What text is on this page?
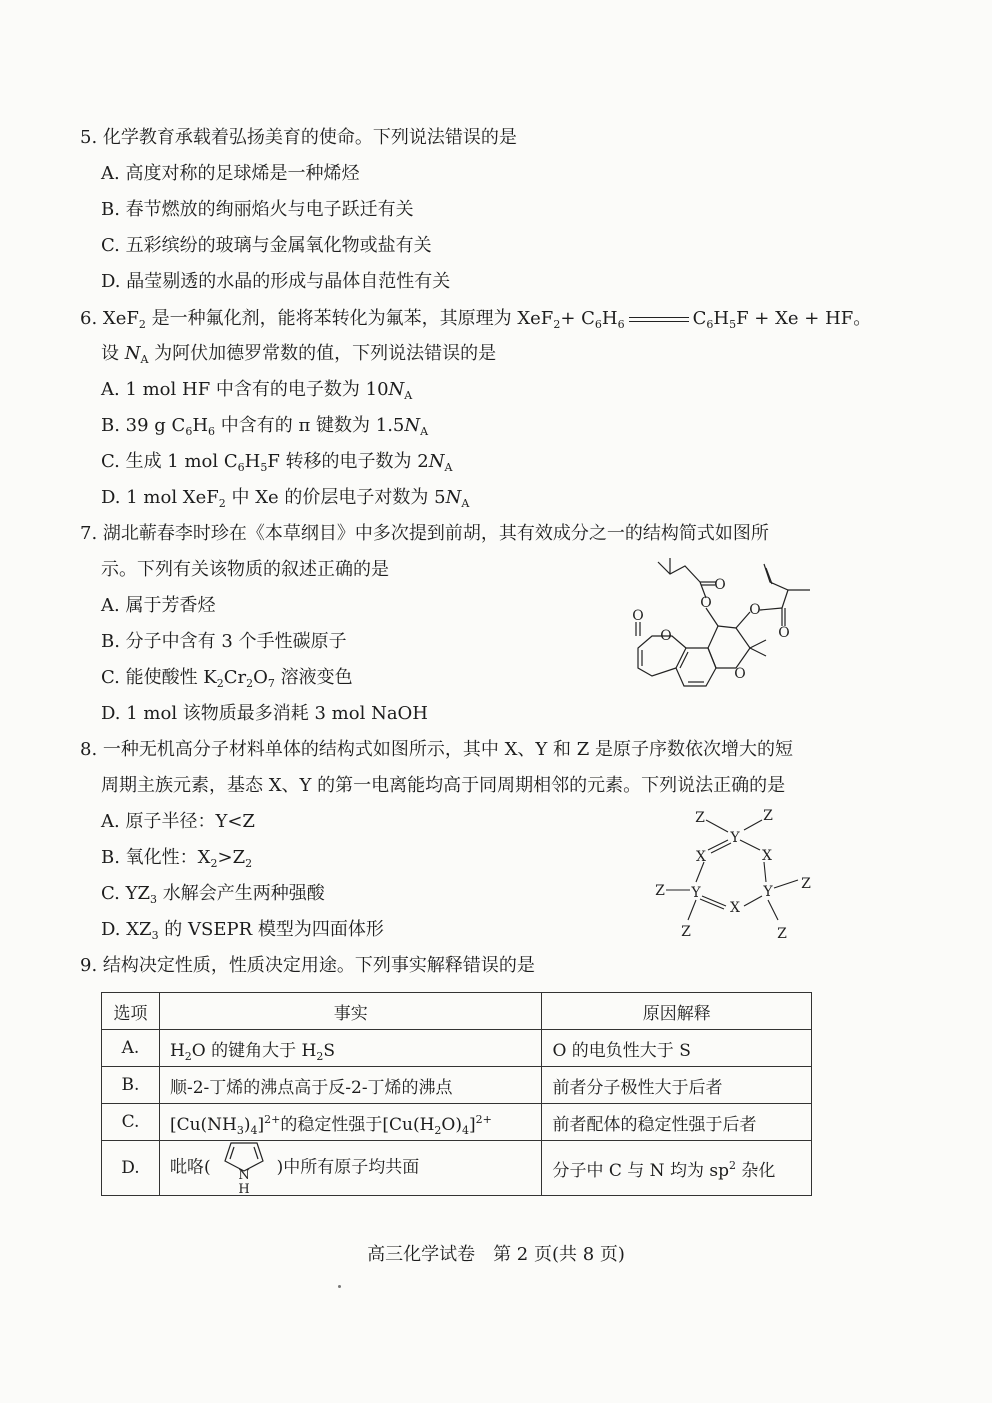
5. 化学教育承载着弘扬美育的使命。下列说法错误的是
A. 高度对称的足球烯是一种烯烃
B. 春节燃放的绚丽焰火与电子跃迁有关
C. 五彩缤纷的玻璃与金属氧化物或盐有关
D. 晶莹剔透的水晶的形成与晶体自范性有关
6. XeF$_2$ 是一种氟化剂，能将苯转化为氟苯，其原理为 $XeF_2+ C_6H_6$	$C_6H_5F + Xe$ + HF。
设 $N_A$ 为阿伏加德罗常数的值，下列说法错误的是
A. 1 mol HF 中含有的电子数为 $10N_A$
B. 39 g $C_6H_6$ 中含有的 π 键数为 $1.5N_A$
C. 生成 1 mol $C_6H_5F$ 转移的电子数为 $2N_A$
D. 1 mol XeF$_2$ 中 Xe 的价层电子对数为 $5N_A$
7. 湖北蕲春李时珍在《本草纲目》中多次提到前胡，其有效成分之一的结构简式如图所
示。下列有关该物质的叙述正确的是
A. 属于芳香烃
B. 分子中含有 3 个手性碳原子
C. 能使酸性 $K_2Cr_2O_7$ 溶液变色
D. 1 mol 该物质最多消耗 3 mol NaOH
O
O
O
O
O
O
O
8. 一种无机高分子材料单体的结构式如图所示，其中 X、Y 和 Z 是原子序数依次增大的短
周期主族元素，基态 X、Y 的第一电离能均高于同周期相邻的元素。下列说法正确的是
A. 原子半径：Y<Z
B. 氧化性：$X_2>Z_2$
C. $YZ_3$ 水解会产生两种强酸
D. $XZ_3$ 的 VSEPR 模型为四面体形
Z	Z
Y
X	X
Z Y	Y Z
X
Z	Z
9. 结构决定性质，性质决定用途。下列事实解释错误的是
选项	事实	原因解释
A.	$H_2O$ 的键角大于 $H_2S$	O 的电负性大于 S
B.	顺-2-丁烯的沸点高于反-2-丁烯的沸点	前者分子极性大于后者
C.	$[Cu(NH_3)_4]^{2+}$的稳定性强于$[Cu(H_2O)_4]^{2+}$	前者配体的稳定性强于后者
D.	吡咯( N
H
)中所有原子均共面	分子中 C 与 N 均为 $sp^2$ 杂化
高三化学试卷　第 2 页(共 8 页)
